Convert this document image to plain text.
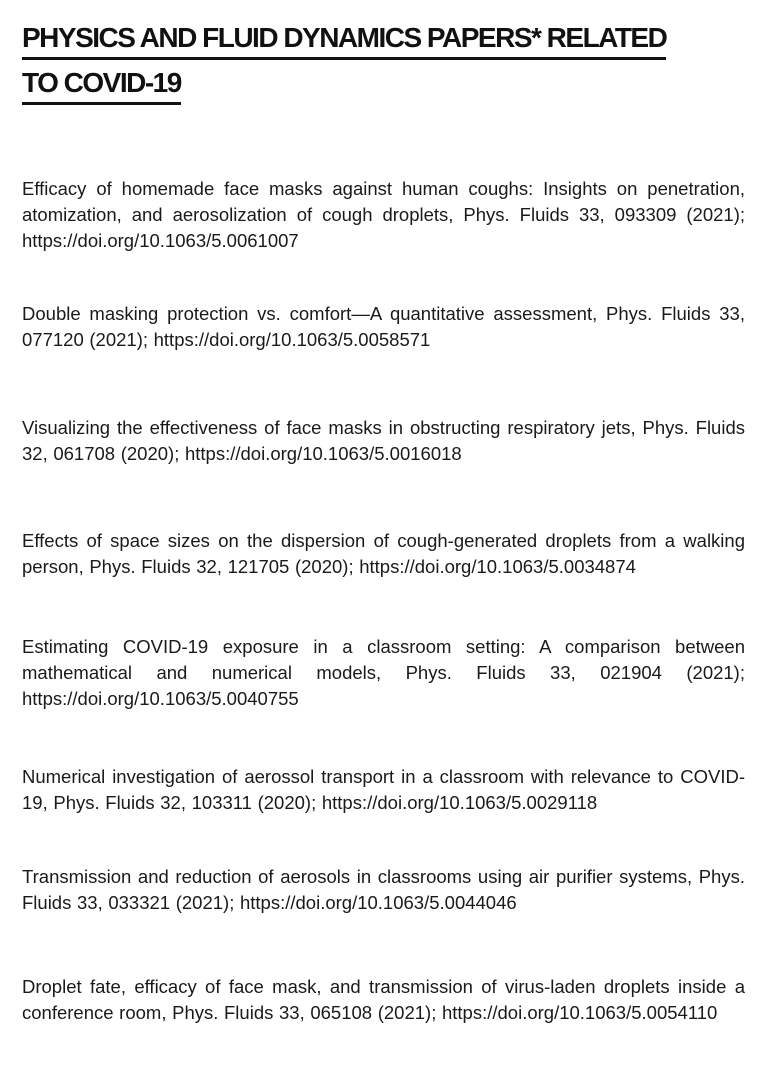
PHYSICS AND FLUID DYNAMICS PAPERS* RELATED
TO COVID-19

Efficacy of homemade face masks against human coughs: Insights on penetration, atomization, and aerosolization of cough droplets, Phys. Fluids 33, 093309 (2021); https://doi.org/10.1063/5.0061007

Double masking protection vs. comfort—A quantitative assessment, Phys. Fluids 33, 077120 (2021); https://doi.org/10.1063/5.0058571

Visualizing the effectiveness of face masks in obstructing respiratory jets, Phys. Fluids 32, 061708 (2020); https://doi.org/10.1063/5.0016018

Effects of space sizes on the dispersion of cough-generated droplets from a walking person, Phys. Fluids 32, 121705 (2020); https://doi.org/10.1063/5.0034874

Estimating COVID-19 exposure in a classroom setting: A comparison between mathematical and numerical models, Phys. Fluids 33, 021904 (2021); https://doi.org/10.1063/5.0040755

Numerical investigation of aerossol transport in a classroom with relevance to COVID-19, Phys. Fluids 32, 103311 (2020); https://doi.org/10.1063/5.0029118

Transmission and reduction of aerosols in classrooms using air purifier systems, Phys. Fluids 33, 033321 (2021); https://doi.org/10.1063/5.0044046

Droplet fate, efficacy of face mask, and transmission of virus-laden droplets inside a conference room, Phys. Fluids 33, 065108 (2021); https://doi.org/10.1063/5.0054110
